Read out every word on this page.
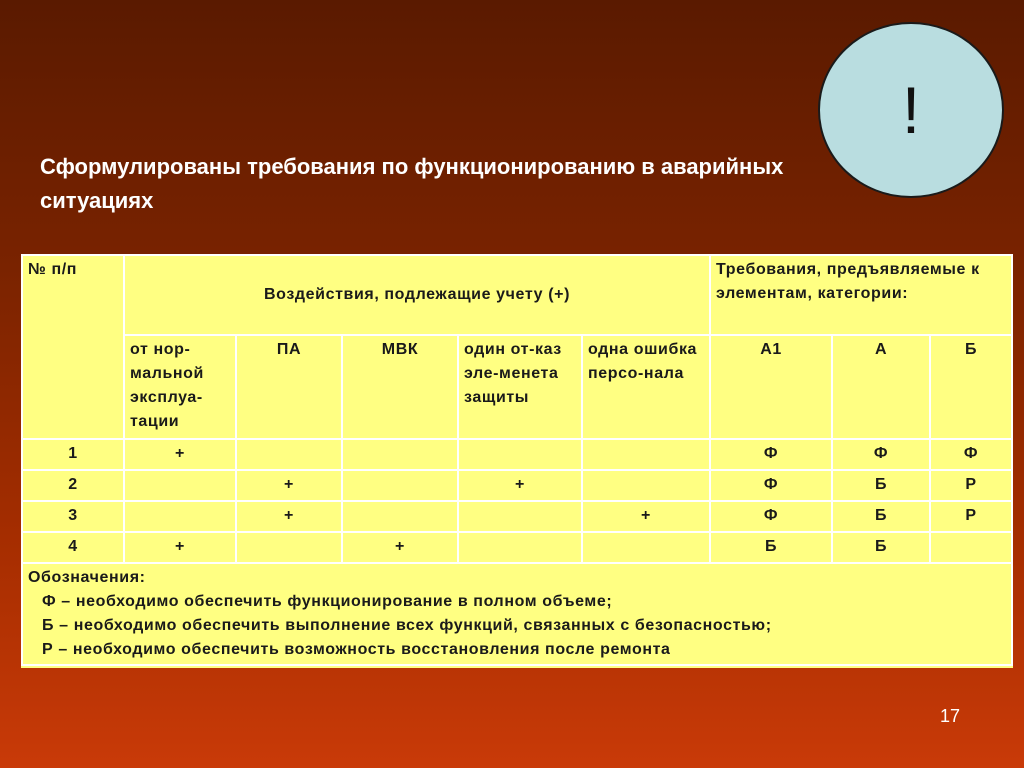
Сформулированы требования по функционированию в аварийных ситуациях
!
№ п/п	Воздействия, подлежащие учету (+)					Требования, предъявляемые к элементам, категории:		
	от нор-мальной эксплуа-тации	ПА	МВК	один от-каз эле-менета защиты	одна ошибка персо-нала	А1	А	Б
1	+					Ф	Ф	Ф
2		+		+		Ф	Б	Р
3		+			+	Ф	Б	Р
4	+		+			Б	Б	

Обозначения:
Ф – необходимо обеспечить функционирование в полном объеме;
Б – необходимо обеспечить выполнение всех функций, связанных с безопасностью;
Р – необходимо обеспечить возможность восстановления после ремонта								
17
